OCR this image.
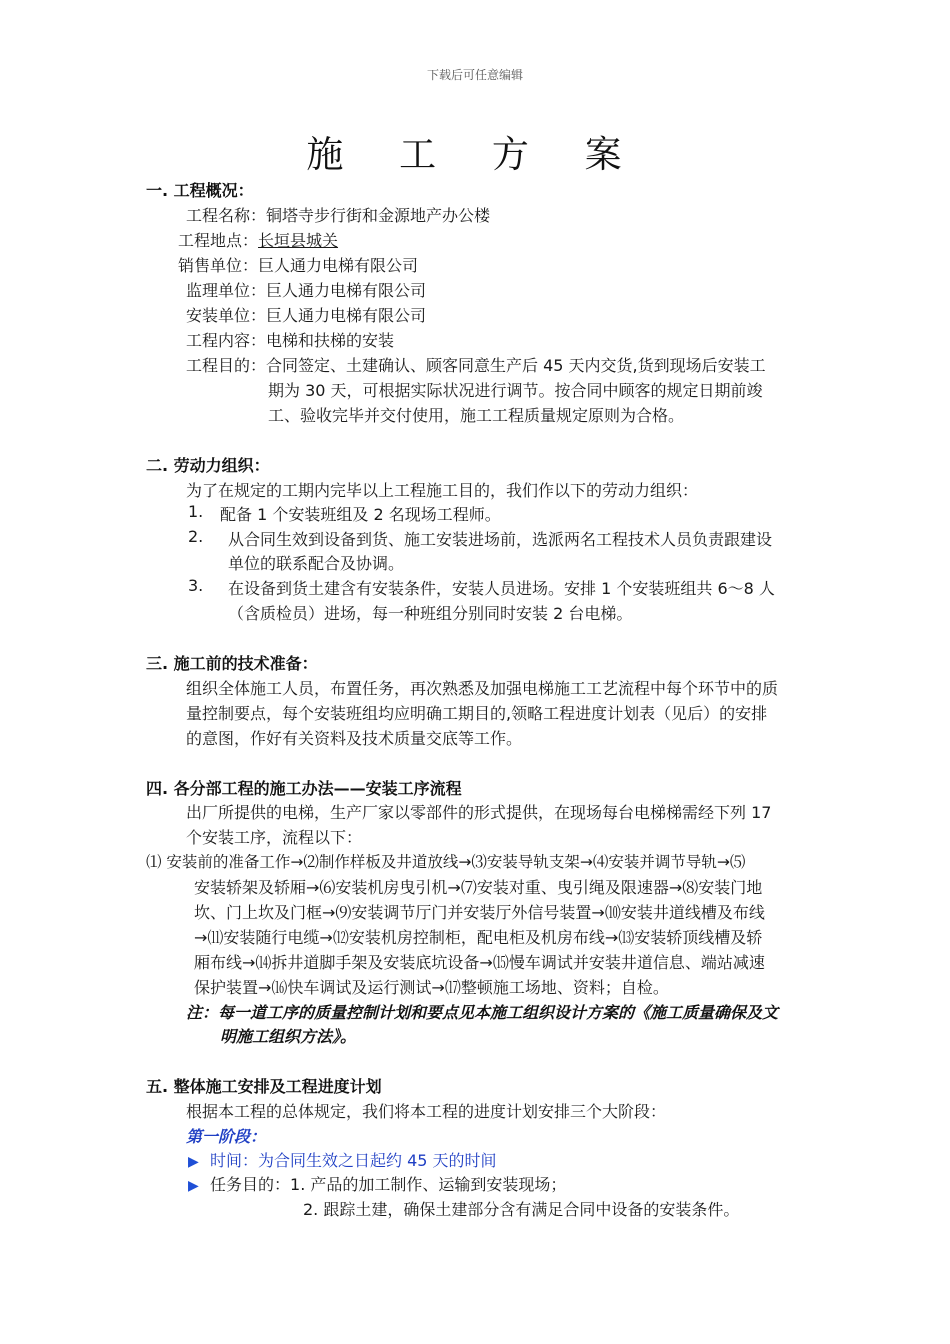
下载后可任意编辑
施 工 方 案
一. 工程概况：
工程名称：铜塔寺步行街和金源地产办公楼
工程地点：长垣县城关
销售单位：巨人通力电梯有限公司
监理单位：巨人通力电梯有限公司
安装单位：巨人通力电梯有限公司
工程内容：电梯和扶梯的安装
工程目的：合同签定、土建确认、顾客同意生产后 45 天内交货,货到现场后安装工
期为 30 天，可根据实际状况进行调节。按合同中顾客的规定日期前竣
工、验收完毕并交付使用，施工工程质量规定原则为合格。
二. 劳动力组织：
为了在规定的工期内完毕以上工程施工目的，我们作以下的劳动力组织：
1. 配备 1 个安装班组及 2 名现场工程师。
2. 从合同生效到设备到货、施工安装进场前，选派两名工程技术人员负责跟建设
单位的联系配合及协调。
3. 在设备到货土建含有安装条件，安装人员进场。安排 1 个安装班组共 6～8 人
（含质检员）进场，每一种班组分别同时安装 2 台电梯。
三. 施工前的技术准备：
组织全体施工人员，布置任务，再次熟悉及加强电梯施工工艺流程中每个环节中的质
量控制要点，每个安装班组均应明确工期目的,领略工程进度计划表（见后）的安排
的意图，作好有关资料及技术质量交底等工作。
四. 各分部工程的施工办法——安装工序流程
出厂所提供的电梯，生产厂家以零部件的形式提供，在现场每台电梯梯需经下列 17
个安装工序，流程以下：
⑴ 安装前的准备工作→⑵制作样板及井道放线→⑶安装导轨支架→⑷安装并调节导轨→⑸
安装轿架及轿厢→⑹安装机房曳引机→⑺安装对重、曳引绳及限速器→⑻安装门地
坎、门上坎及门框→⑼安装调节厅门并安装厅外信号装置→⑽安装井道线槽及布线
→⑾安装随行电缆→⑿安装机房控制柜，配电柜及机房布线→⒀安装轿顶线槽及轿
厢布线→⒁拆井道脚手架及安装底坑设备→⒂慢车调试并安装井道信息、端站减速
保护装置→⒃快车调试及运行测试→⒄整顿施工场地、资料；自检。
注：每一道工序的质量控制计划和要点见本施工组织设计方案的《施工质量确保及文
明施工组织方法》。
五. 整体施工安排及工程进度计划
根据本工程的总体规定，我们将本工程的进度计划安排三个大阶段：
第一阶段：
▶ 时间：为合同生效之日起约 45 天的时间
▶ 任务目的：1. 产品的加工制作、运输到安装现场；
2. 跟踪土建，确保土建部分含有满足合同中设备的安装条件。
